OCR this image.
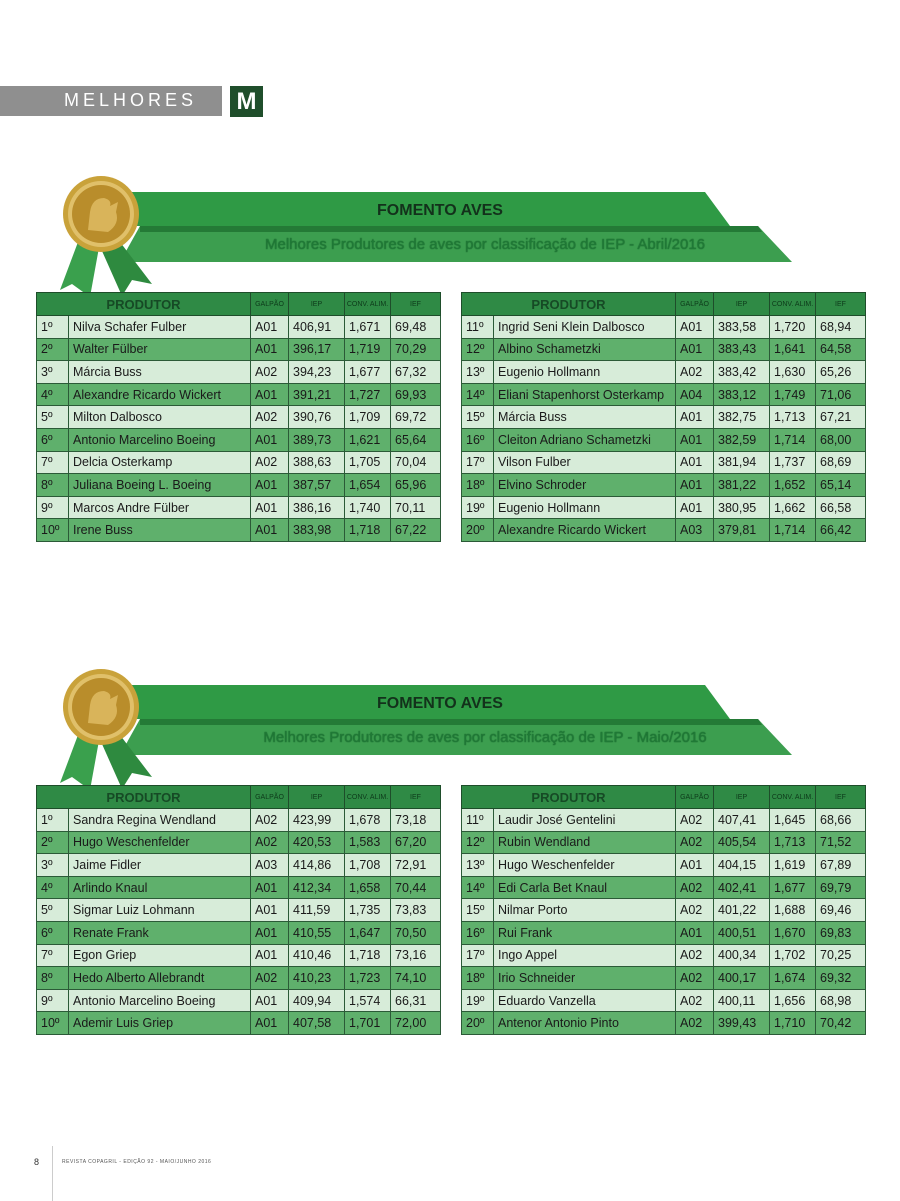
MELHORES M
FOMENTO AVES
Melhores Produtores de aves por classificação de IEP - Abril/2016
PRODUTOR		GALPÃO	IEP	CONV. ALIM.	IEF
1º	Nilva Schafer Fulber	A01	406,91	1,671	69,48
2º	Walter Fülber	A01	396,17	1,719	70,29
3º	Márcia Buss	A02	394,23	1,677	67,32
4º	Alexandre Ricardo Wickert	A01	391,21	1,727	69,93
5º	Milton Dalbosco	A02	390,76	1,709	69,72
6º	Antonio Marcelino Boeing	A01	389,73	1,621	65,64
7º	Delcia Osterkamp	A02	388,63	1,705	70,04
8º	Juliana Boeing L. Boeing	A01	387,57	1,654	65,96
9º	Marcos Andre Fülber	A01	386,16	1,740	70,11
10º	Irene Buss	A01	383,98	1,718	67,22
PRODUTOR		GALPÃO	IEP	CONV. ALIM.	IEF
11º	Ingrid Seni Klein Dalbosco	A01	383,58	1,720	68,94
12º	Albino Schametzki	A01	383,43	1,641	64,58
13º	Eugenio Hollmann	A02	383,42	1,630	65,26
14º	Eliani Stapenhorst Osterkamp	A04	383,12	1,749	71,06
15º	Márcia Buss	A01	382,75	1,713	67,21
16º	Cleiton Adriano Schametzki	A01	382,59	1,714	68,00
17º	Vilson Fulber	A01	381,94	1,737	68,69
18º	Elvino Schroder	A01	381,22	1,652	65,14
19º	Eugenio Hollmann	A01	380,95	1,662	66,58
20º	Alexandre Ricardo Wickert	A03	379,81	1,714	66,42
FOMENTO AVES
Melhores Produtores de aves por classificação de IEP - Maio/2016
PRODUTOR		GALPÃO	IEP	CONV. ALIM.	IEF
1º	Sandra Regina Wendland	A02	423,99	1,678	73,18
2º	Hugo Weschenfelder	A02	420,53	1,583	67,20
3º	Jaime Fidler	A03	414,86	1,708	72,91
4º	Arlindo Knaul	A01	412,34	1,658	70,44
5º	Sigmar Luiz Lohmann	A01	411,59	1,735	73,83
6º	Renate Frank	A01	410,55	1,647	70,50
7º	Egon Griep	A01	410,46	1,718	73,16
8º	Hedo Alberto Allebrandt	A02	410,23	1,723	74,10
9º	Antonio Marcelino Boeing	A01	409,94	1,574	66,31
10º	Ademir Luis Griep	A01	407,58	1,701	72,00
PRODUTOR		GALPÃO	IEP	CONV. ALIM.	IEF
11º	Laudir José Gentelini	A02	407,41	1,645	68,66
12º	Rubin Wendland	A02	405,54	1,713	71,52
13º	Hugo Weschenfelder	A01	404,15	1,619	67,89
14º	Edi Carla Bet Knaul	A02	402,41	1,677	69,79
15º	Nilmar Porto	A02	401,22	1,688	69,46
16º	Rui Frank	A01	400,51	1,670	69,83
17º	Ingo Appel	A02	400,34	1,702	70,25
18º	Irio Schneider	A02	400,17	1,674	69,32
19º	Eduardo Vanzella	A02	400,11	1,656	68,98
20º	Antenor Antonio Pinto	A02	399,43	1,710	70,42
8	REVISTA COPAGRIL - EDIÇÃO 92 - MAIO/JUNHO 2016
